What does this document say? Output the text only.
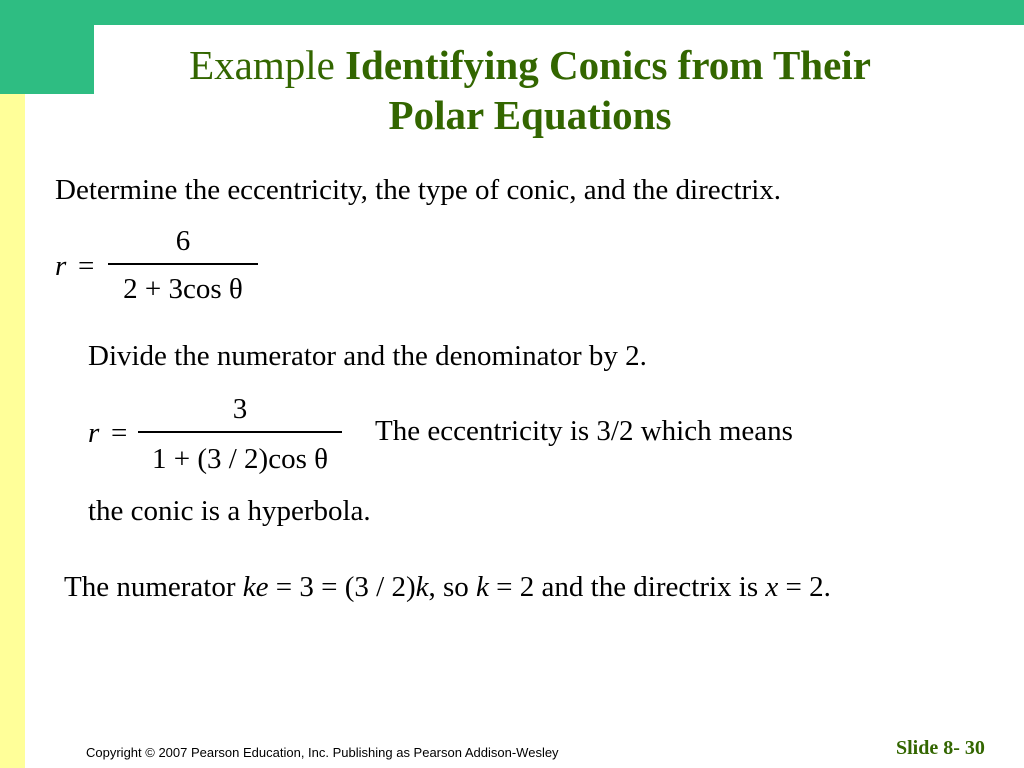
Example Identifying Conics from Their
Polar Equations
Determine the eccentricity, the type of conic, and the directrix.
r =
6
2 + 3cos θ
Divide the numerator and the denominator by 2.
r =
3
1 + (3 / 2)cos θ
The eccentricity is 3/2 which means
the conic is a hyperbola.
The numerator ke = 3 = (3 / 2)k, so k = 2 and the directrix is x = 2.
Copyright © 2007 Pearson Education, Inc. Publishing as Pearson Addison-Wesley	Slide 8- 30
